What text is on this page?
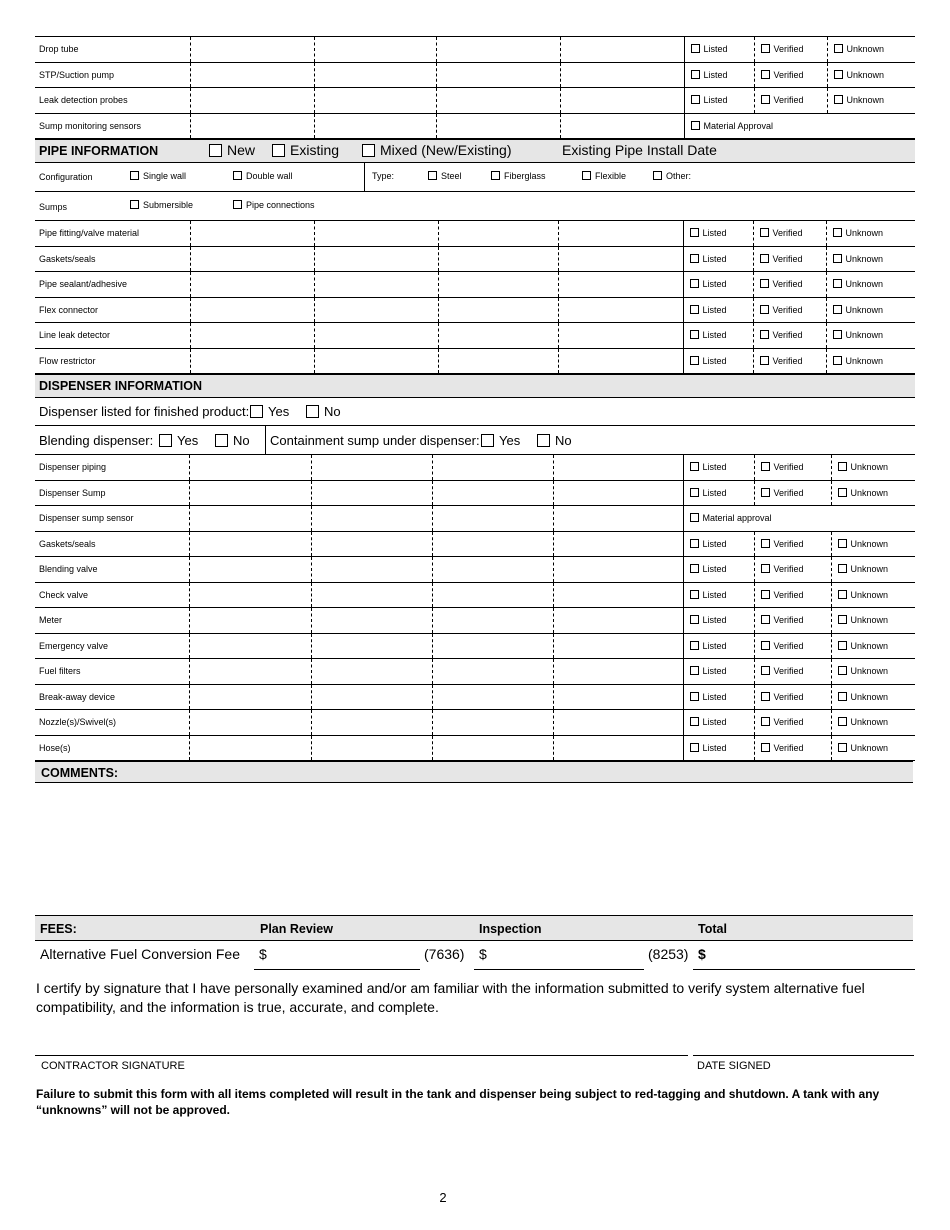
Drop tube					Listed	Verified	Unknown
STP/Suction pump					Listed	Verified	Unknown
Leak detection probes					Listed	Verified	Unknown
Sump monitoring sensors					Material Approval		
PIPE INFORMATION	New	Existing	Mixed (New/Existing)	Existing Pipe Install Date
Configuration	Single wall	Double wall	Type:	Steel	Fiberglass	Flexible	Other:
Sumps	Submersible	Pipe connections
Pipe fitting/valve material					Listed	Verified	Unknown
Gaskets/seals					Listed	Verified	Unknown
Pipe sealant/adhesive					Listed	Verified	Unknown
Flex connector					Listed	Verified	Unknown
Line leak detector					Listed	Verified	Unknown
Flow restrictor					Listed	Verified	Unknown
DISPENSER INFORMATION
Dispenser listed for finished product:	Yes	No
Blending dispenser:	Yes	No Containment sump under dispenser:	Yes	No
Dispenser piping					Listed	Verified	Unknown
Dispenser Sump					Listed	Verified	Unknown
Dispenser sump sensor					Material approval		
Gaskets/seals					Listed	Verified	Unknown
Blending valve					Listed	Verified	Unknown
Check valve					Listed	Verified	Unknown
Meter					Listed	Verified	Unknown
Emergency valve					Listed	Verified	Unknown
Fuel filters					Listed	Verified	Unknown
Break-away device					Listed	Verified	Unknown
Nozzle(s)/Swivel(s)					Listed	Verified	Unknown
Hose(s)					Listed	Verified	Unknown
COMMENTS:
FEES:	Plan Review	Inspection	Total
Alternative Fuel Conversion Fee $	(7636) $	(8253) $
I certify by signature that I have personally examined and/or am familiar with the information submitted to verify system alternative fuel compatibility, and the information is true, accurate, and complete.
CONTRACTOR SIGNATURE	DATE SIGNED
Failure to submit this form with all items completed will result in the tank and dispenser being subject to red-tagging and shutdown. A tank with any “unknowns” will not be approved.
2
